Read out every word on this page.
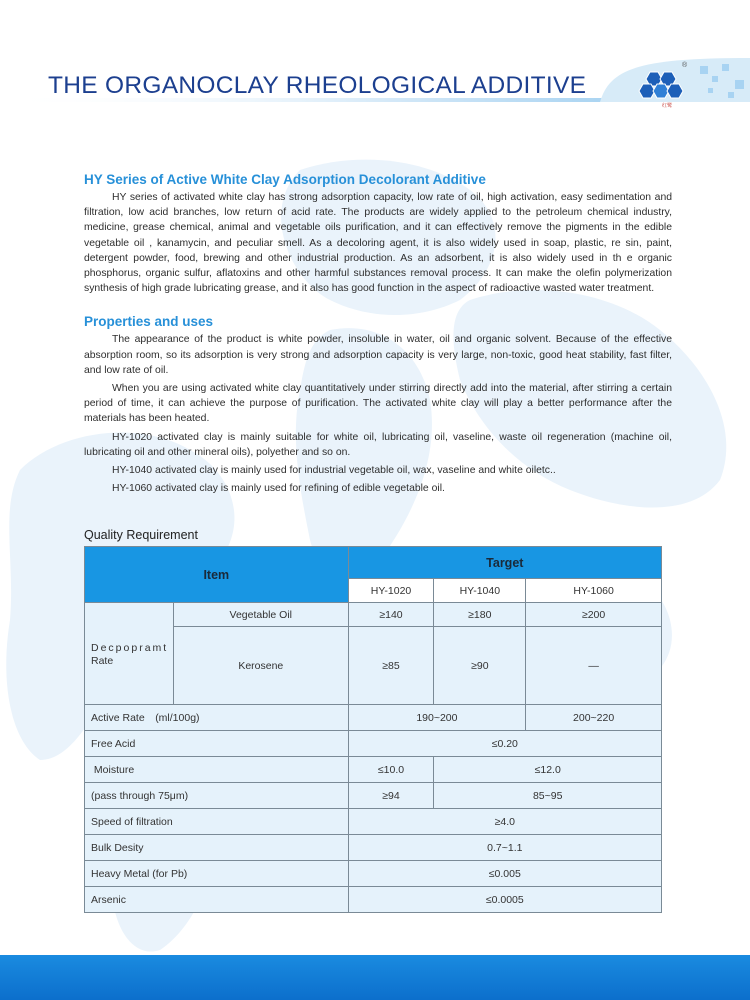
THE ORGANOCLAY RHEOLOGICAL ADDITIVE
®
红鹭
HY Series of Active White Clay Adsorption Decolorant Additive

HY series of activated white clay has strong adsorption capacity, low rate of oil, high activation, easy sedimentation and filtration, low acid branches, low return of acid rate. The products are widely applied to the petroleum chemical industry, medicine, grease chemical, animal and vegetable oils purification, and it can effectively remove the pigments in the edible vegetable oil , kanamycin, and peculiar smell. As a decoloring agent, it is also widely used in soap, plastic, re sin, paint, detergent powder, food, brewing and other industrial production. As an adsorbent, it is also widely used in th e organic phosphorus, organic sulfur, aflatoxins and other harmful substances removal process. It can make the olefin polymerization synthesis of high grade lubricating grease, and it also has good function in the aspect of radioactive wasted water treatment.

Properties and uses

The appearance of the product is white powder, insoluble in water, oil and organic solvent. Because of the effective absorption room, so its adsorption is very strong and adsorption capacity is very large, non-toxic, good heat stability, fast filter, and low rate of oil.

When you are using activated white clay quantitatively under stirring directly add into the material, after stirring a certain period of time, it can achieve the purpose of purification. The activated white clay will play a better performance after the materials has been heated.

HY-1020 activated clay is mainly suitable for white oil, lubricating oil, vaseline, waste oil regeneration (machine oil, lubricating oil and other mineral oils), polyether and so on.

HY-1040 activated clay is mainly used for industrial vegetable oil, wax, vaseline and white oiletc..

HY-1060 activated clay is mainly used for refining of edible vegetable oil.

Quality Requirement
Item		Target		
		HY-1020	HY-1040	HY-1060

Decpopramt
Rate	Vegetable Oil	≥140	≥180	≥200
	Kerosene	≥85	≥90	—
Active Rate　(ml/100g)		190~200		200~220
Free Acid		≤0.20		
Moisture		≤10.0	≤12.0	
(pass through 75μm)		≥94	85~95	
Speed of filtration		≥4.0		
Bulk Desity		0.7~1.1		
Heavy Metal (for Pb)		≤0.005		
Arsenic		≤0.0005		
